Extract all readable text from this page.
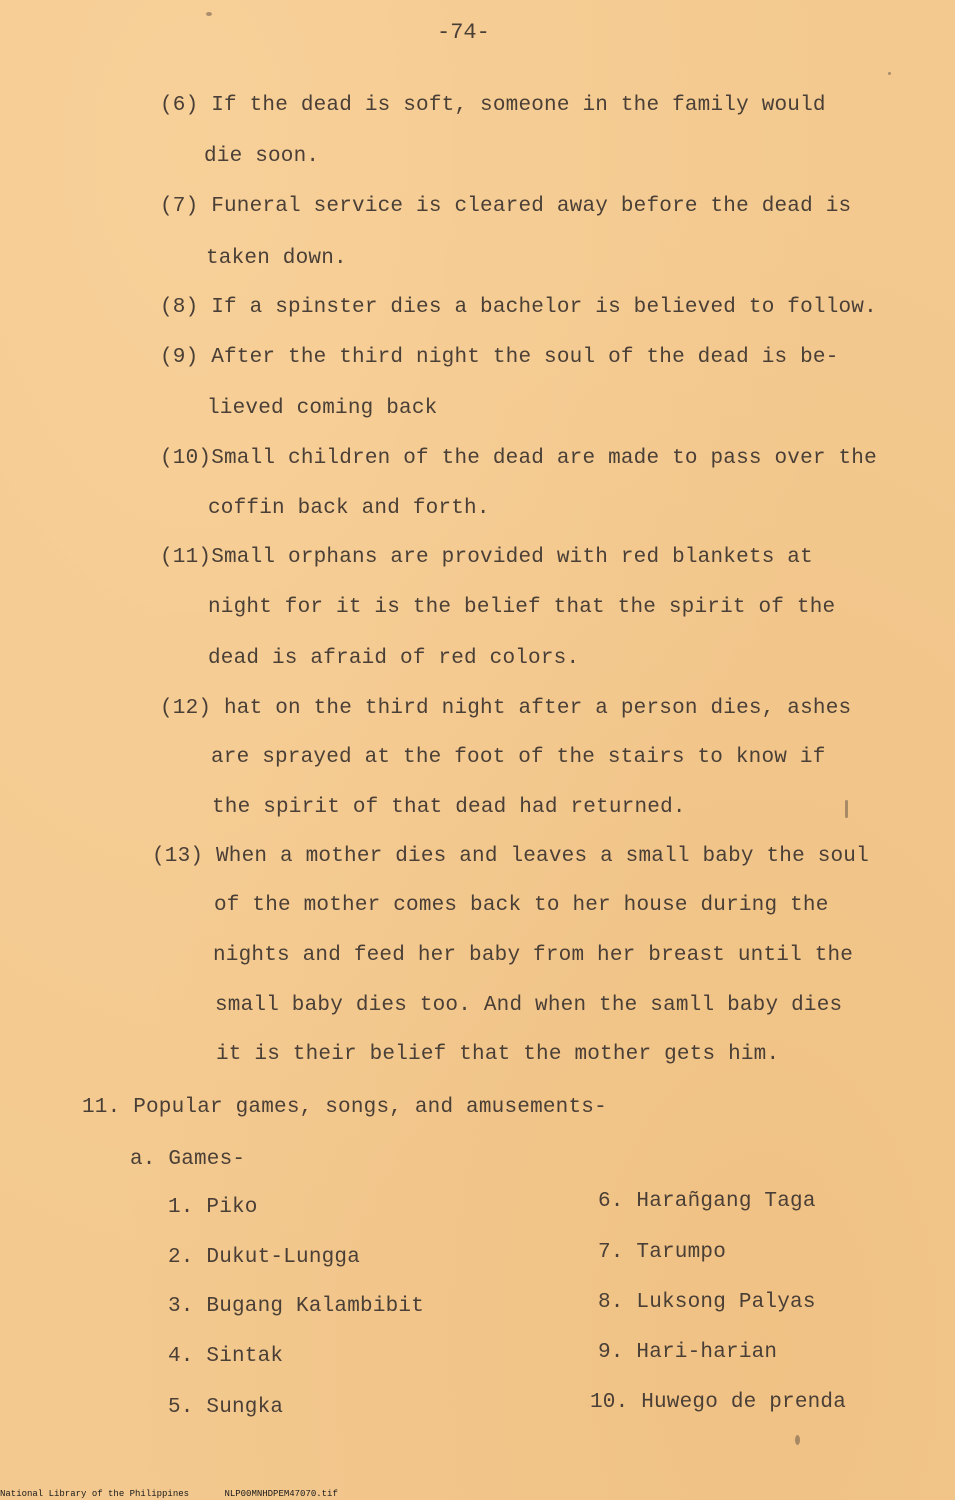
-74-
(6) If the dead is soft, someone in the family would
die soon.
(7) Funeral service is cleared away before the dead is
taken down.
(8) If a spinster dies a bachelor is believed to follow.
(9) After the third night the soul of the dead is be-
lieved coming back
(10)Small children of the dead are made to pass over the
coffin back and forth.
(11)Small orphans are provided with red blankets at
night for it is the belief that the spirit of the
dead is afraid of red colors.
(12) hat on the third night after a person dies, ashes
are sprayed at the foot of the stairs to know if
the spirit of that dead had returned.
(13) When a mother dies and leaves a small baby the soul
of the mother comes back to her house during the
nights and feed her baby from her breast until the
small baby dies too. And when the samll baby dies
it is their belief that the mother gets him.
11. Popular games, songs, and amusements-
a. Games-
1. Piko
2. Dukut-Lungga
3. Bugang Kalambibit
4. Sintak
5. Sungka
6. Harañgang Taga
7. Tarumpo
8. Luksong Palyas
9. Hari-harian
10. Huwego de prenda
National Library of the Philippines	NLP00MNHDPEM47070.tif
